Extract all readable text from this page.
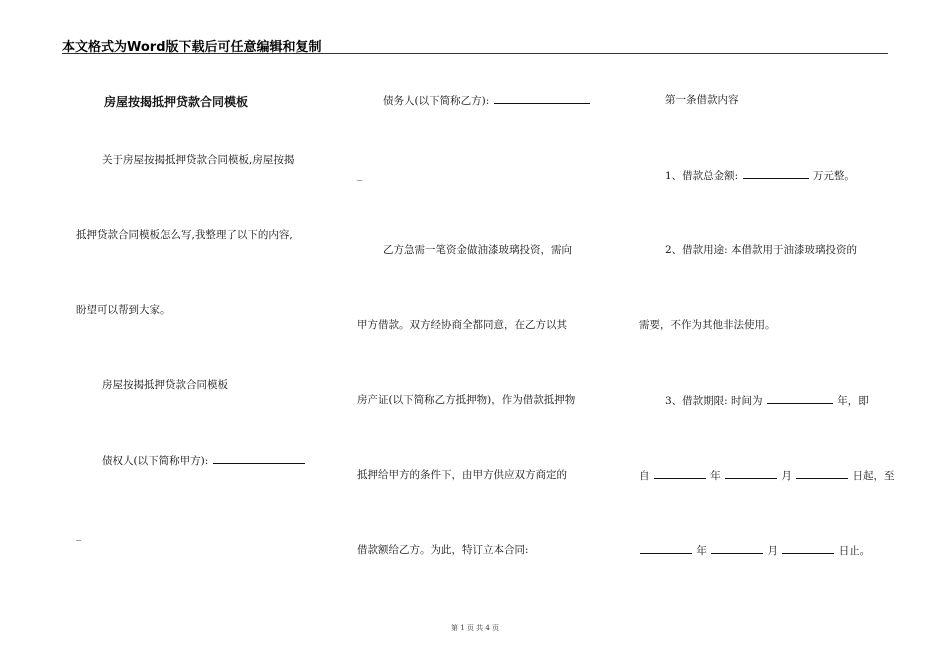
本文格式为Word版下载后可任意编辑和复制
房屋按揭抵押贷款合同模板
关于房屋按揭抵押贷款合同模板,房屋按揭
抵押贷款合同模板怎么写,我整理了以下的内容,
盼望可以帮到大家。
房屋按揭抵押贷款合同模板
债权人(以下简称甲方):
_
债务人(以下简称乙方):
_
乙方急需一笔资金做油漆玻璃投资，需向
甲方借款。双方经协商全都同意，在乙方以其
房产证(以下简称乙方抵押物)，作为借款抵押物
抵押给甲方的条件下，由甲方供应双方商定的
借款额给乙方。为此，特订立本合同:
第一条借款内容
1、借款总金额:	万元整。
2、借款用途: 本借款用于油漆玻璃投资的
需要，不作为其他非法使用。
3、借款期限: 时间为	年，即
自	年	月	日起，至
年	月	日止。
第 1 页 共 4 页
